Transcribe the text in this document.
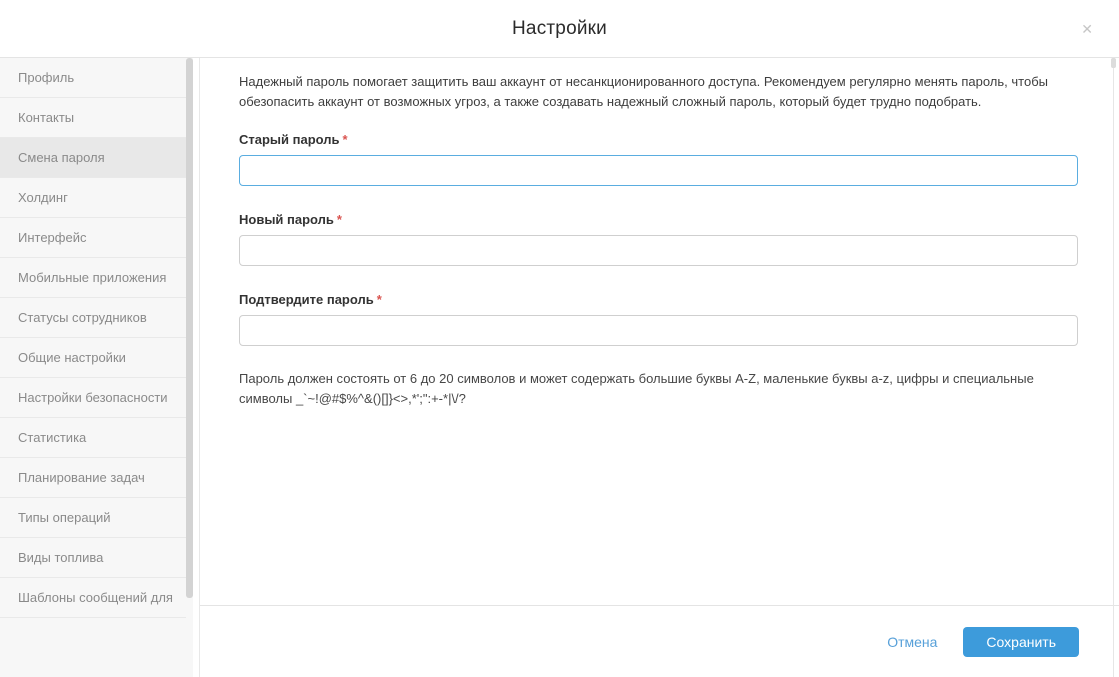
Настройки	✕
Профиль
Контакты
Смена пароля
Холдинг
Интерфейс
Мобильные приложения
Статусы сотрудников
Общие настройки
Настройки безопасности
Статистика
Планирование задач
Типы операций
Виды топлива
Шаблоны сообщений для

Надежный пароль помогает защитить ваш аккаунт от несанкционированного доступа. Рекомендуем регулярно менять пароль, чтобы обезопасить аккаунт от возможных угроз, а также создавать надежный сложный пароль, который будет трудно подобрать.

Старый пароль *
Новый пароль *
Подтвердите пароль *

Пароль должен состоять от 6 до 20 символов и может содержать большие буквы A-Z, маленькие буквы a-z, цифры и специальные символы _`~!@#$%^&()[]}<>,*';":+-*|\/?

Отмена	Сохранить
